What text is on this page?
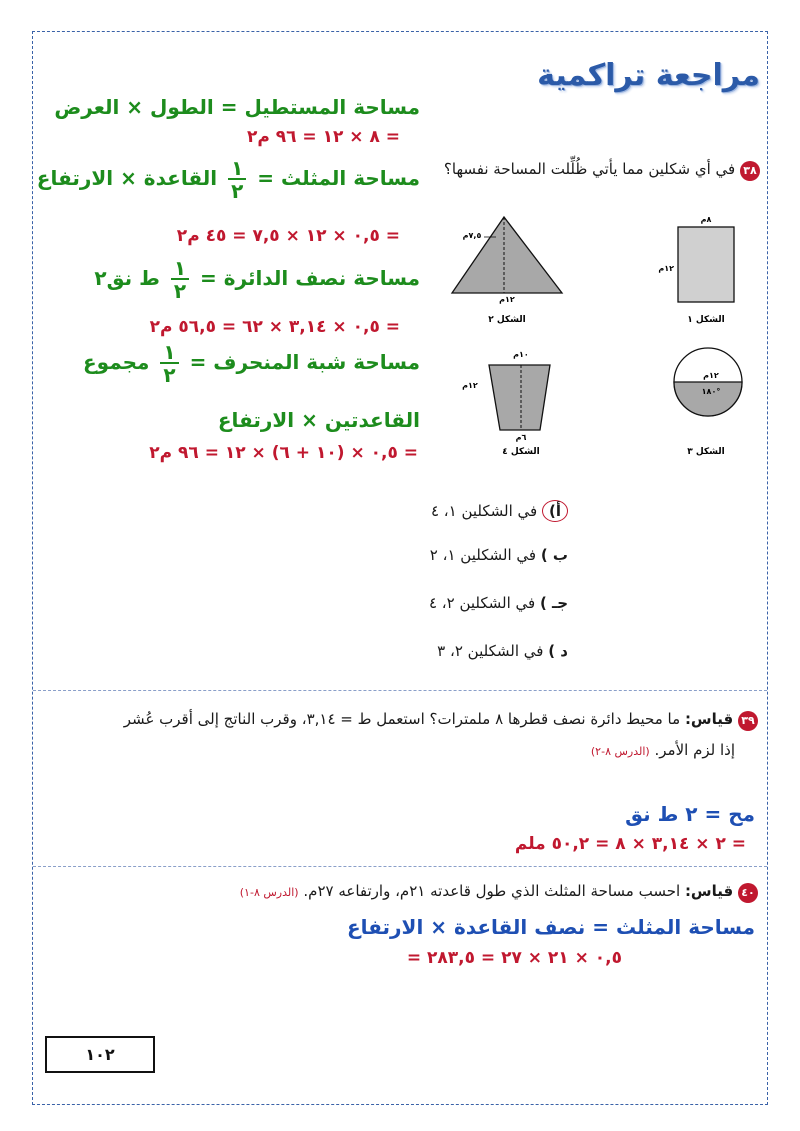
مراجعة تراكمية
مساحة المستطيل = الطول × العرض
= ٨ × ١٢ = ٩٦ م٢
مساحة المثلث =
$\frac{١}{٢}$
القاعدة × الارتفاع
= ٠,٥ × ١٢ × ٧,٥ = ٤٥ م٢
مساحة نصف الدائرة =
$\frac{١}{٢}$
ط نق٢
= ٠,٥ × ٣,١٤ × ٦٢ = ٥٦,٥ م٢
مساحة شبة المنحرف =
$\frac{١}{٢}$
مجموع
القاعدتين × الارتفاع
= ٠,٥ × (١٠ + ٦) × ١٢ = ٩٦ م٢
٣٨ في أي شكلين مما يأتي ظُلِّلت المساحة نفسها؟
٨م
١٢م
الشكل ١
٧,٥م
١٢م
الشكل ٢
١٢م
١٨٠°
الشكل ٣
١٠م
١٢م
٦م
الشكل ٤
أ) في الشكلين ١، ٤
ب ) في الشكلين ١، ٢
جـ ) في الشكلين ٢، ٤
د ) في الشكلين ٢، ٣
٣٩ قياس: ما محيط دائرة نصف قطرها ٨ ملمترات؟ استعمل ط = ٣,١٤، وقرب الناتج إلى أقرب عُشر
إذا لزم الأمر. (الدرس ٨-٢)
مح = ٢ ط نق
= ٢ × ٣,١٤ × ٨ = ٥٠,٢ ملم
٤٠ قياس: احسب مساحة المثلث الذي طول قاعدته ٢١م، وارتفاعه ٢٧م. (الدرس ٨-١)
مساحة المثلث = نصف القاعدة × الارتفاع
= ٠,٥ × ٢١ × ٢٧ = ٢٨٣,٥
١٠٢
